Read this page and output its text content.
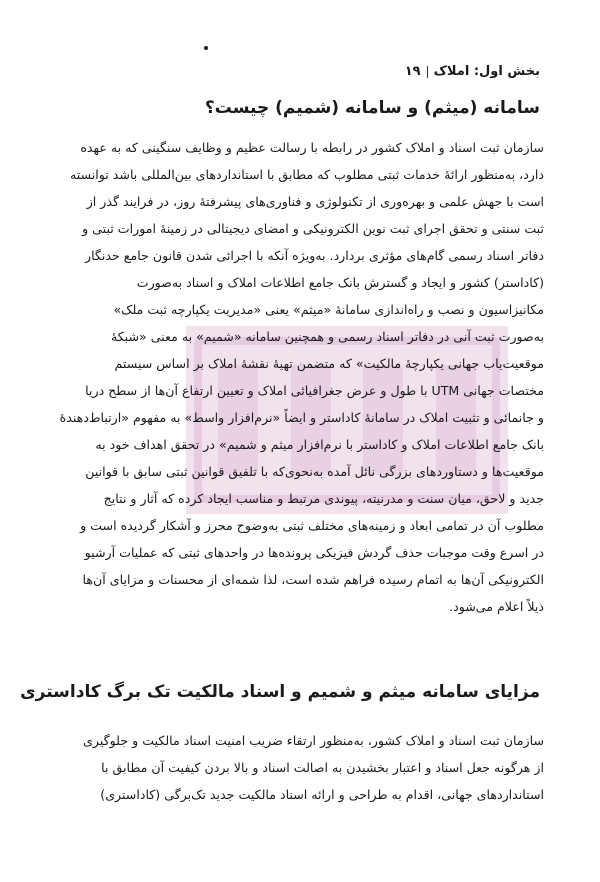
بخش اول: املاک۱۹
سامانه (میثم) و سامانه (شمیم) چیست؟
سازمان ثبت اسناد و املاک کشور در رابطه با رسالت عظیم و وظایف سنگینی که به عهده
دارد، به‌منظور ارائهٔ خدمات ثبتی مطلوب که مطابق با استانداردهای بین‌المللی باشد توانسته
است با جهش علمی و بهره‌وری از تکنولوژی و فناوری‌های پیشرفتهٔ روز، در فرایند گذر از
ثبت سنتی و تحقق اجرای ثبت نوین الکترونیکی و امضای دیجیتالی در زمینهٔ امورات ثبتی و
دفاتر اسناد رسمی گام‌های مؤثری بردارد. به‌ویژه آنکه با اجرائی شدن قانون جامع حدنگار
(کاداستر) کشور و ایجاد و گسترش بانک جامع اطلاعات املاک و اسناد به‌صورت
مکانیزاسیون و نصب و راه‌اندازی سامانهٔ «میثم» یعنی «مدیریت یکپارچه ثبت ملک»
به‌صورت ثبت آنی در دفاتر اسناد رسمی و همچنین سامانه «شمیم» به معنی «شبکهٔ
موقعیت‌یاب جهانی یکپارچهٔ مالکیت» که متضمن تهیهٔ نقشهٔ املاک بر اساس سیستم
مختصات جهانی UTM با طول و عرض جغرافیائی املاک و تعیین ارتفاع آن‌ها از سطح دریا
و جانمائی و تثبیت املاک در سامانهٔ کاداستر و ایضاً «نرم‌افزار واسط» به مفهوم «ارتباط‌دهندهٔ
بانک جامع اطلاعات املاک و کاداستر با نرم‌افزار میثم و شمیم» در تحقق اهداف خود به
موقعیت‌ها و دستاوردهای بزرگی نائل آمده به‌نحوی‌که با تلفیق قوانین ثبتی سابق با قوانین
جدید و لاحق، میان سنت و مدرنیته، پیوندی مرتبط و مناسب ایجاد کرده که آثار و نتایج
مطلوب آن در تمامی ابعاد و زمینه‌های مختلف ثبتی به‌وضوح محرز و آشکار گردیده است و
در اسرع وقت موجبات حذف گردش فیزیکی پرونده‌ها در واحدهای ثبتی که عملیات آرشیو
الکترونیکی آن‌ها به اتمام رسیده فراهم شده است، لذا شمه‌ای از محسنات و مزایای آن‌ها
ذیلاً اعلام می‌شود.
مزایای سامانه میثم و شمیم و اسناد مالکیت تک برگ کاداستری
سازمان ثبت اسناد و املاک کشور، به‌منظور ارتقاء ضریب امنیت اسناد مالکیت و جلوگیری
از هرگونه جعل اسناد و اعتبار بخشیدن به اصالت اسناد و بالا بردن کیفیت آن مطابق با
استانداردهای جهانی، اقدام به طراحی و ارائه اسناد مالکیت جدید تک‌برگی (کاداستری)
